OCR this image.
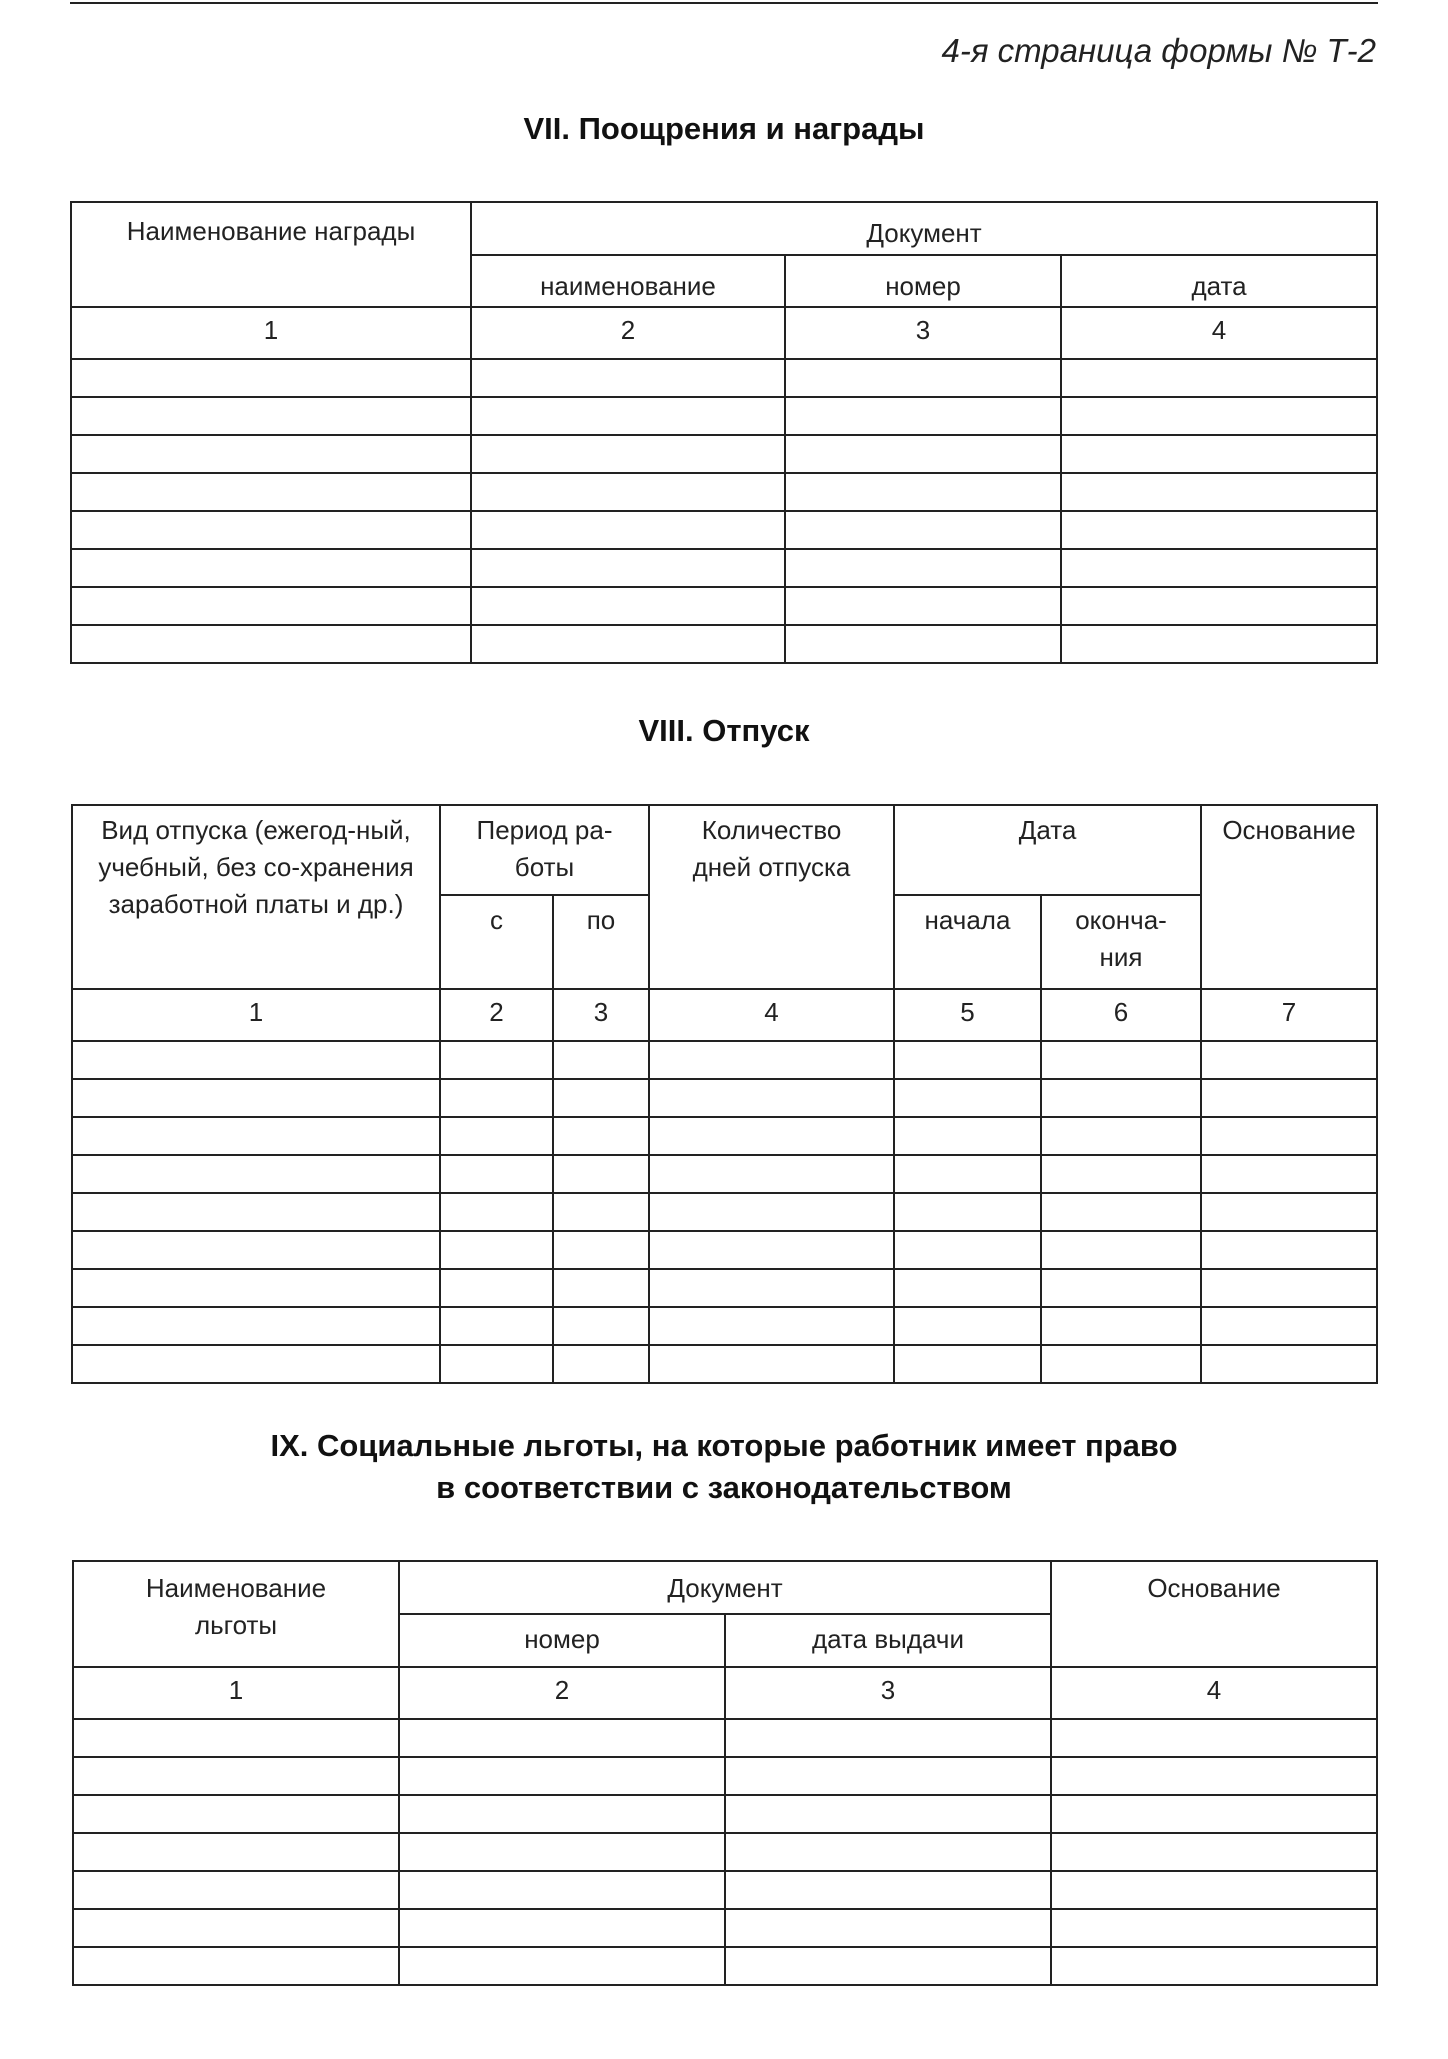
4-я страница формы № Т-2
VII. Поощрения и награды
Наименование награды	Документ		
	наименование	номер	дата
1	2	3	4

VIII. Отпуск
Вид отпуска (ежегод-ный, учебный, без со-хранения заработной платы и др.)	Период ра-боты		Количество дней отпуска	Дата		Основание
	с	по		начала	оконча-ния	
1	2	3	4	5	6	7

IX. Социальные льготы, на которые работник имеет право
в соответствии с законодательством
Наименование льготы	Документ		Основание
	номер	дата выдачи	
1	2	3	4
